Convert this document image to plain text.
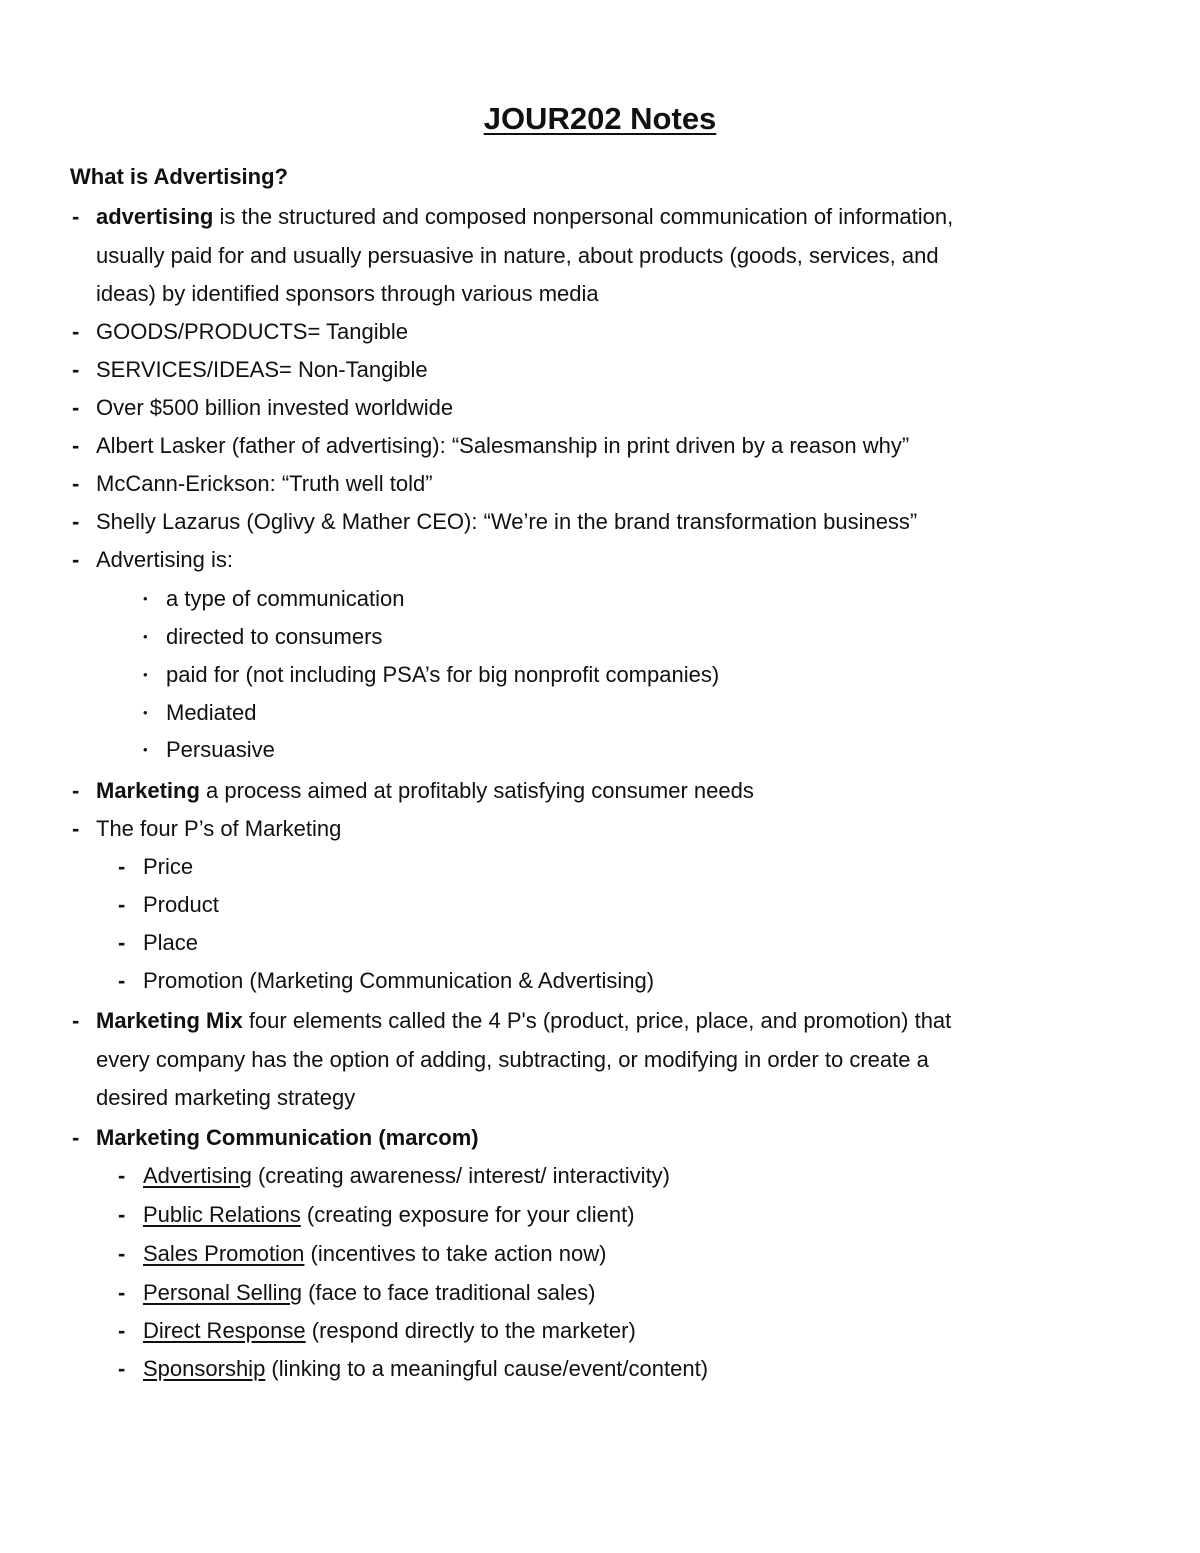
JOUR202 Notes
What is Advertising?
- advertising is the structured and composed nonpersonal communication of information,
usually paid for and usually persuasive in nature, about products (goods, services, and
ideas) by identified sponsors through various media
- GOODS/PRODUCTS= Tangible
- SERVICES/IDEAS= Non-Tangible
- Over $500 billion invested worldwide
- Albert Lasker (father of advertising): “Salesmanship in print driven by a reason why”
- McCann-Erickson: “Truth well told”
- Shelly Lazarus (Oglivy & Mather CEO): “We’re in the brand transformation business”
- Advertising is:
• a type of communication
• directed to consumers
• paid for (not including PSA’s for big nonprofit companies)
• Mediated
• Persuasive
- Marketing a process aimed at profitably satisfying consumer needs
- The four P’s of Marketing
- Price
- Product
- Place
- Promotion (Marketing Communication & Advertising)
- Marketing Mix four elements called the 4 P's (product, price, place, and promotion) that
every company has the option of adding, subtracting, or modifying in order to create a
desired marketing strategy
- Marketing Communication (marcom)
- Advertising (creating awareness/ interest/ interactivity)
- Public Relations (creating exposure for your client)
- Sales Promotion (incentives to take action now)
- Personal Selling (face to face traditional sales)
- Direct Response (respond directly to the marketer)
- Sponsorship (linking to a meaningful cause/event/content)
